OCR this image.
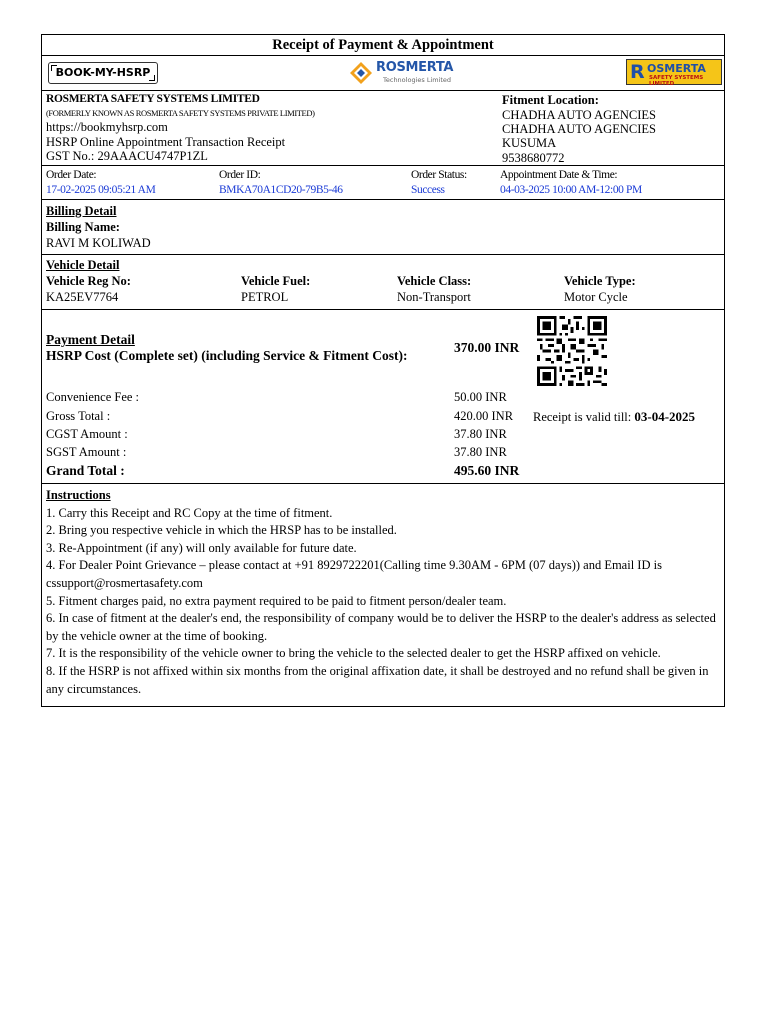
Receipt of Payment & Appointment
BOOK-MY-HSRP	ROSMERTA
Technologies Limited	R OSMERTA
SAFETY SYSTEMS LIMITED
ROSMERTA SAFETY SYSTEMS LIMITED
(FORMERLY KNOWN AS ROSMERTA SAFETY SYSTEMS PRIVATE LIMITED)
https://bookmyhsrp.com
HSRP Online Appointment Transaction Receipt
GST No.: 29AAACU4747P1ZL
Fitment Location:
CHADHA AUTO AGENCIES
CHADHA AUTO AGENCIES
KUSUMA
9538680772
Order Date:
17-02-2025 09:05:21 AM
Order ID:
BMKA70A1CD20-79B5-46
Order Status:
Success
Appointment Date & Time:
04-03-2025 10:00 AM-12:00 PM
Billing Detail
Billing Name:
RAVI M KOLIWAD
Vehicle Detail
Vehicle Reg No:
KA25EV7764
Vehicle Fuel:
PETROL
Vehicle Class:
Non-Transport
Vehicle Type:
Motor Cycle
Payment Detail
HSRP Cost (Complete set) (including Service & Fitment Cost):
370.00 INR
Convenience Fee :	50.00 INR
Gross Total :	420.00 INR Receipt is valid till: 03-04-2025
CGST Amount :	37.80 INR
SGST Amount :	37.80 INR
Grand Total :	495.60 INR
Instructions
1. Carry this Receipt and RC Copy at the time of fitment.
2. Bring you respective vehicle in which the HRSP has to be installed.
3. Re-Appointment (if any) will only available for future date.
4. For Dealer Point Grievance – please contact at +91 8929722201(Calling time 9.30AM - 6PM (07 days)) and Email ID is cssupport@rosmertasafety.com
5. Fitment charges paid, no extra payment required to be paid to fitment person/dealer team.
6. In case of fitment at the dealer's end, the responsibility of company would be to deliver the HSRP to the dealer's address as selected by the vehicle owner at the time of booking.
7. It is the responsibility of the vehicle owner to bring the vehicle to the selected dealer to get the HSRP affixed on vehicle.
8. If the HSRP is not affixed within six months from the original affixation date, it shall be destroyed and no refund shall be given in any circumstances.
